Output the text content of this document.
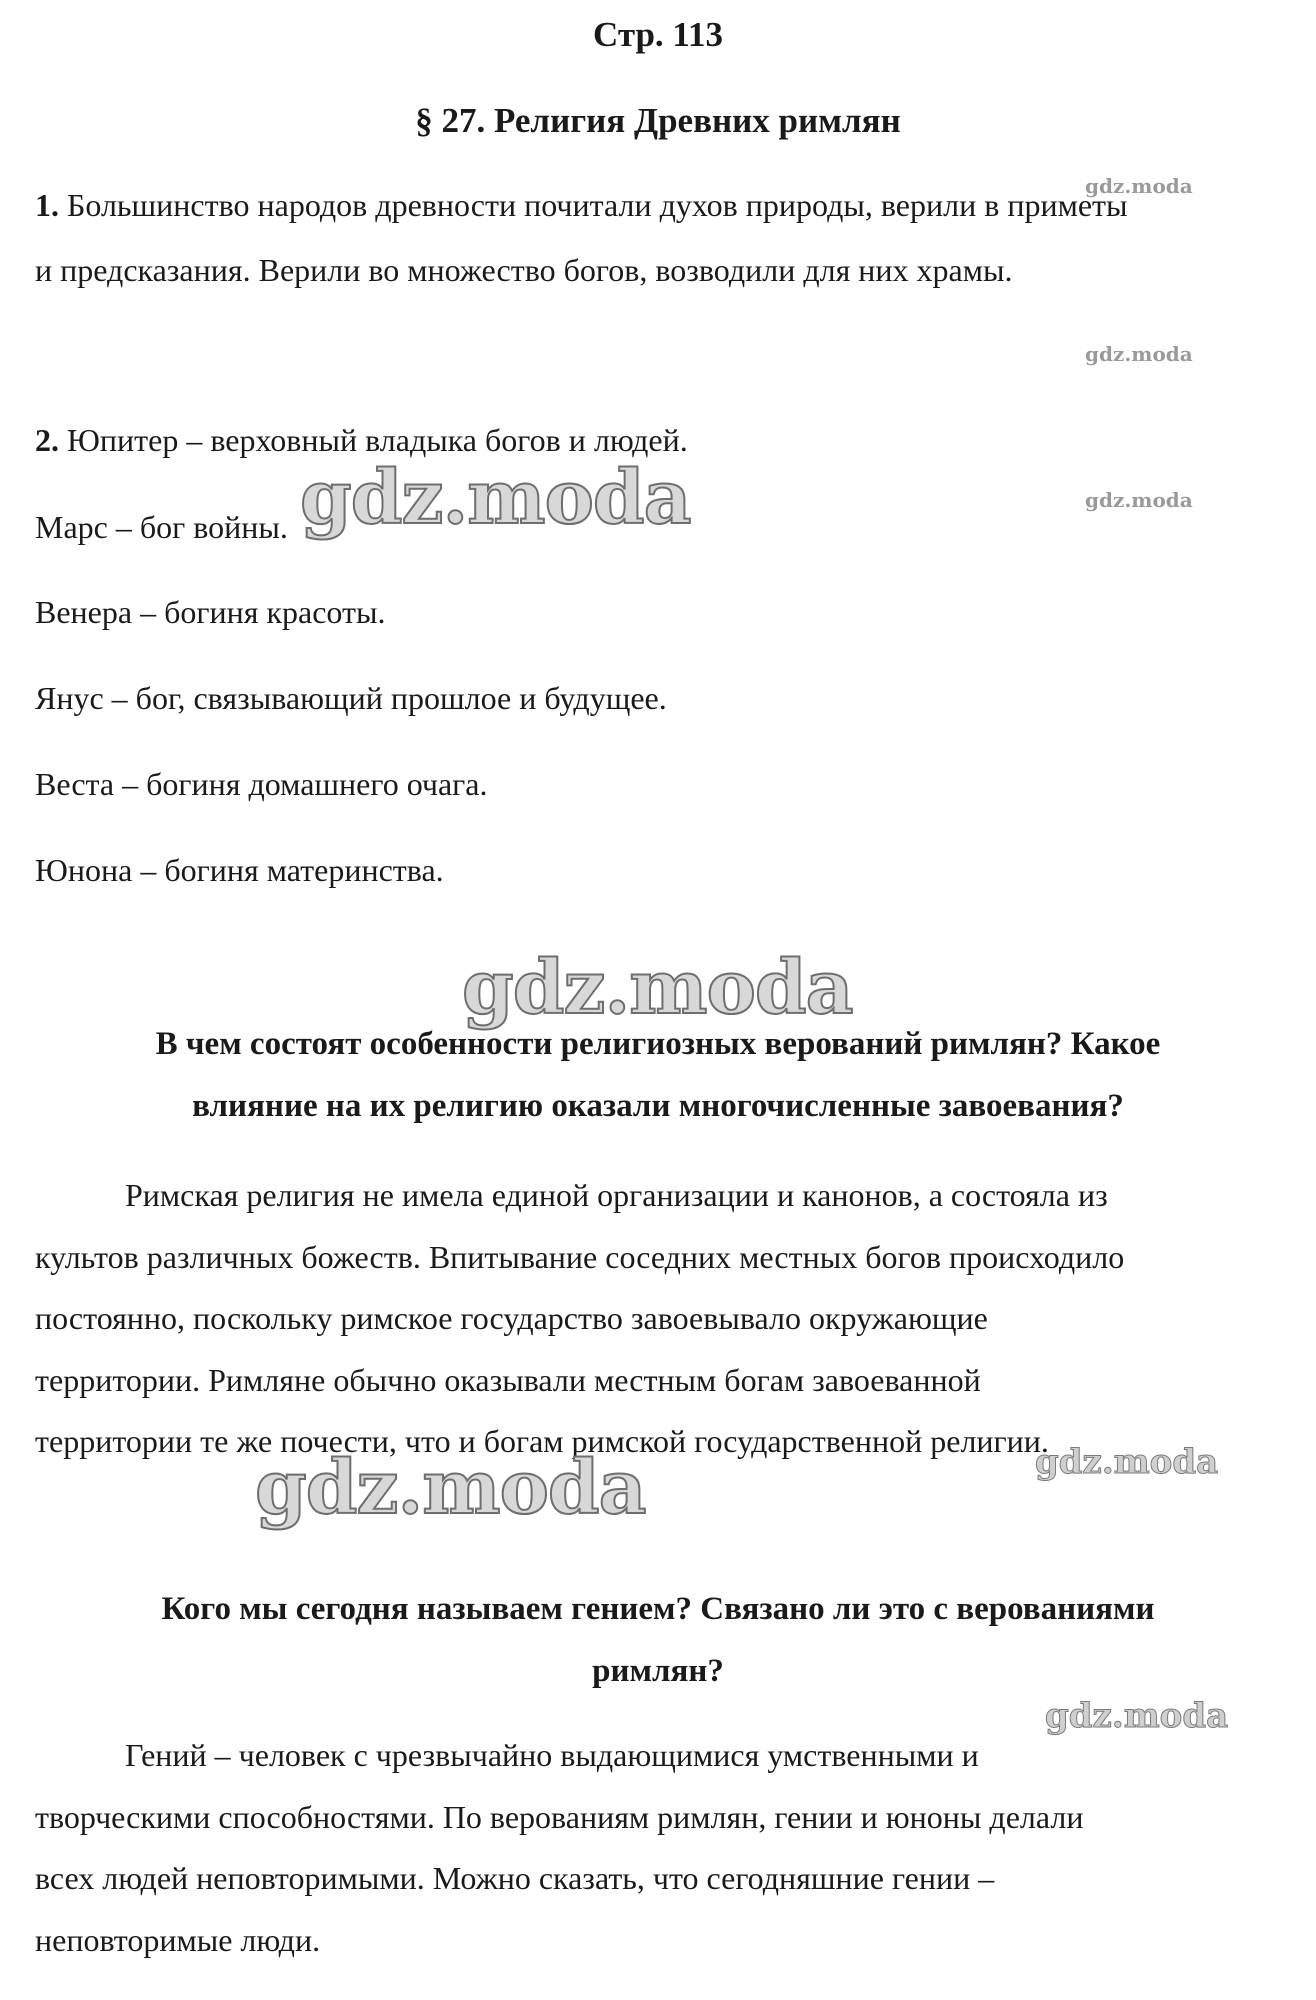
Стр. 113
§ 27. Религия Древних римлян
1. Большинство народов древности почитали духов природы, верили в приметы
и предсказания. Верили во множество богов, возводили для них храмы.
2. Юпитер – верховный владыка богов и людей.
Марс – бог войны.
Венера – богиня красоты.
Янус – бог, связывающий прошлое и будущее.
Веста – богиня домашнего очага.
Юнона – богиня материнства.
В чем состоят особенности религиозных верований римлян? Какое
влияние на их религию оказали многочисленные завоевания?
Римская религия не имела единой организации и канонов, а состояла из
культов различных божеств. Впитывание соседних местных богов происходило
постоянно, поскольку римское государство завоевывало окружающие
территории. Римляне обычно оказывали местным богам завоеванной
территории те же почести, что и богам римской государственной религии.
Кого мы сегодня называем гением? Связано ли это с верованиями
римлян?
Гений – человек с чрезвычайно выдающимися умственными и
творческими способностями. По верованиям римлян, гении и юноны делали
всех людей неповторимыми. Можно сказать, что сегодняшние гении –
неповторимые люди.
gdz.moda
gdz.moda
gdz.moda
gdz.moda
gdz.moda
gdz.moda	gdz.moda
gdz.moda
